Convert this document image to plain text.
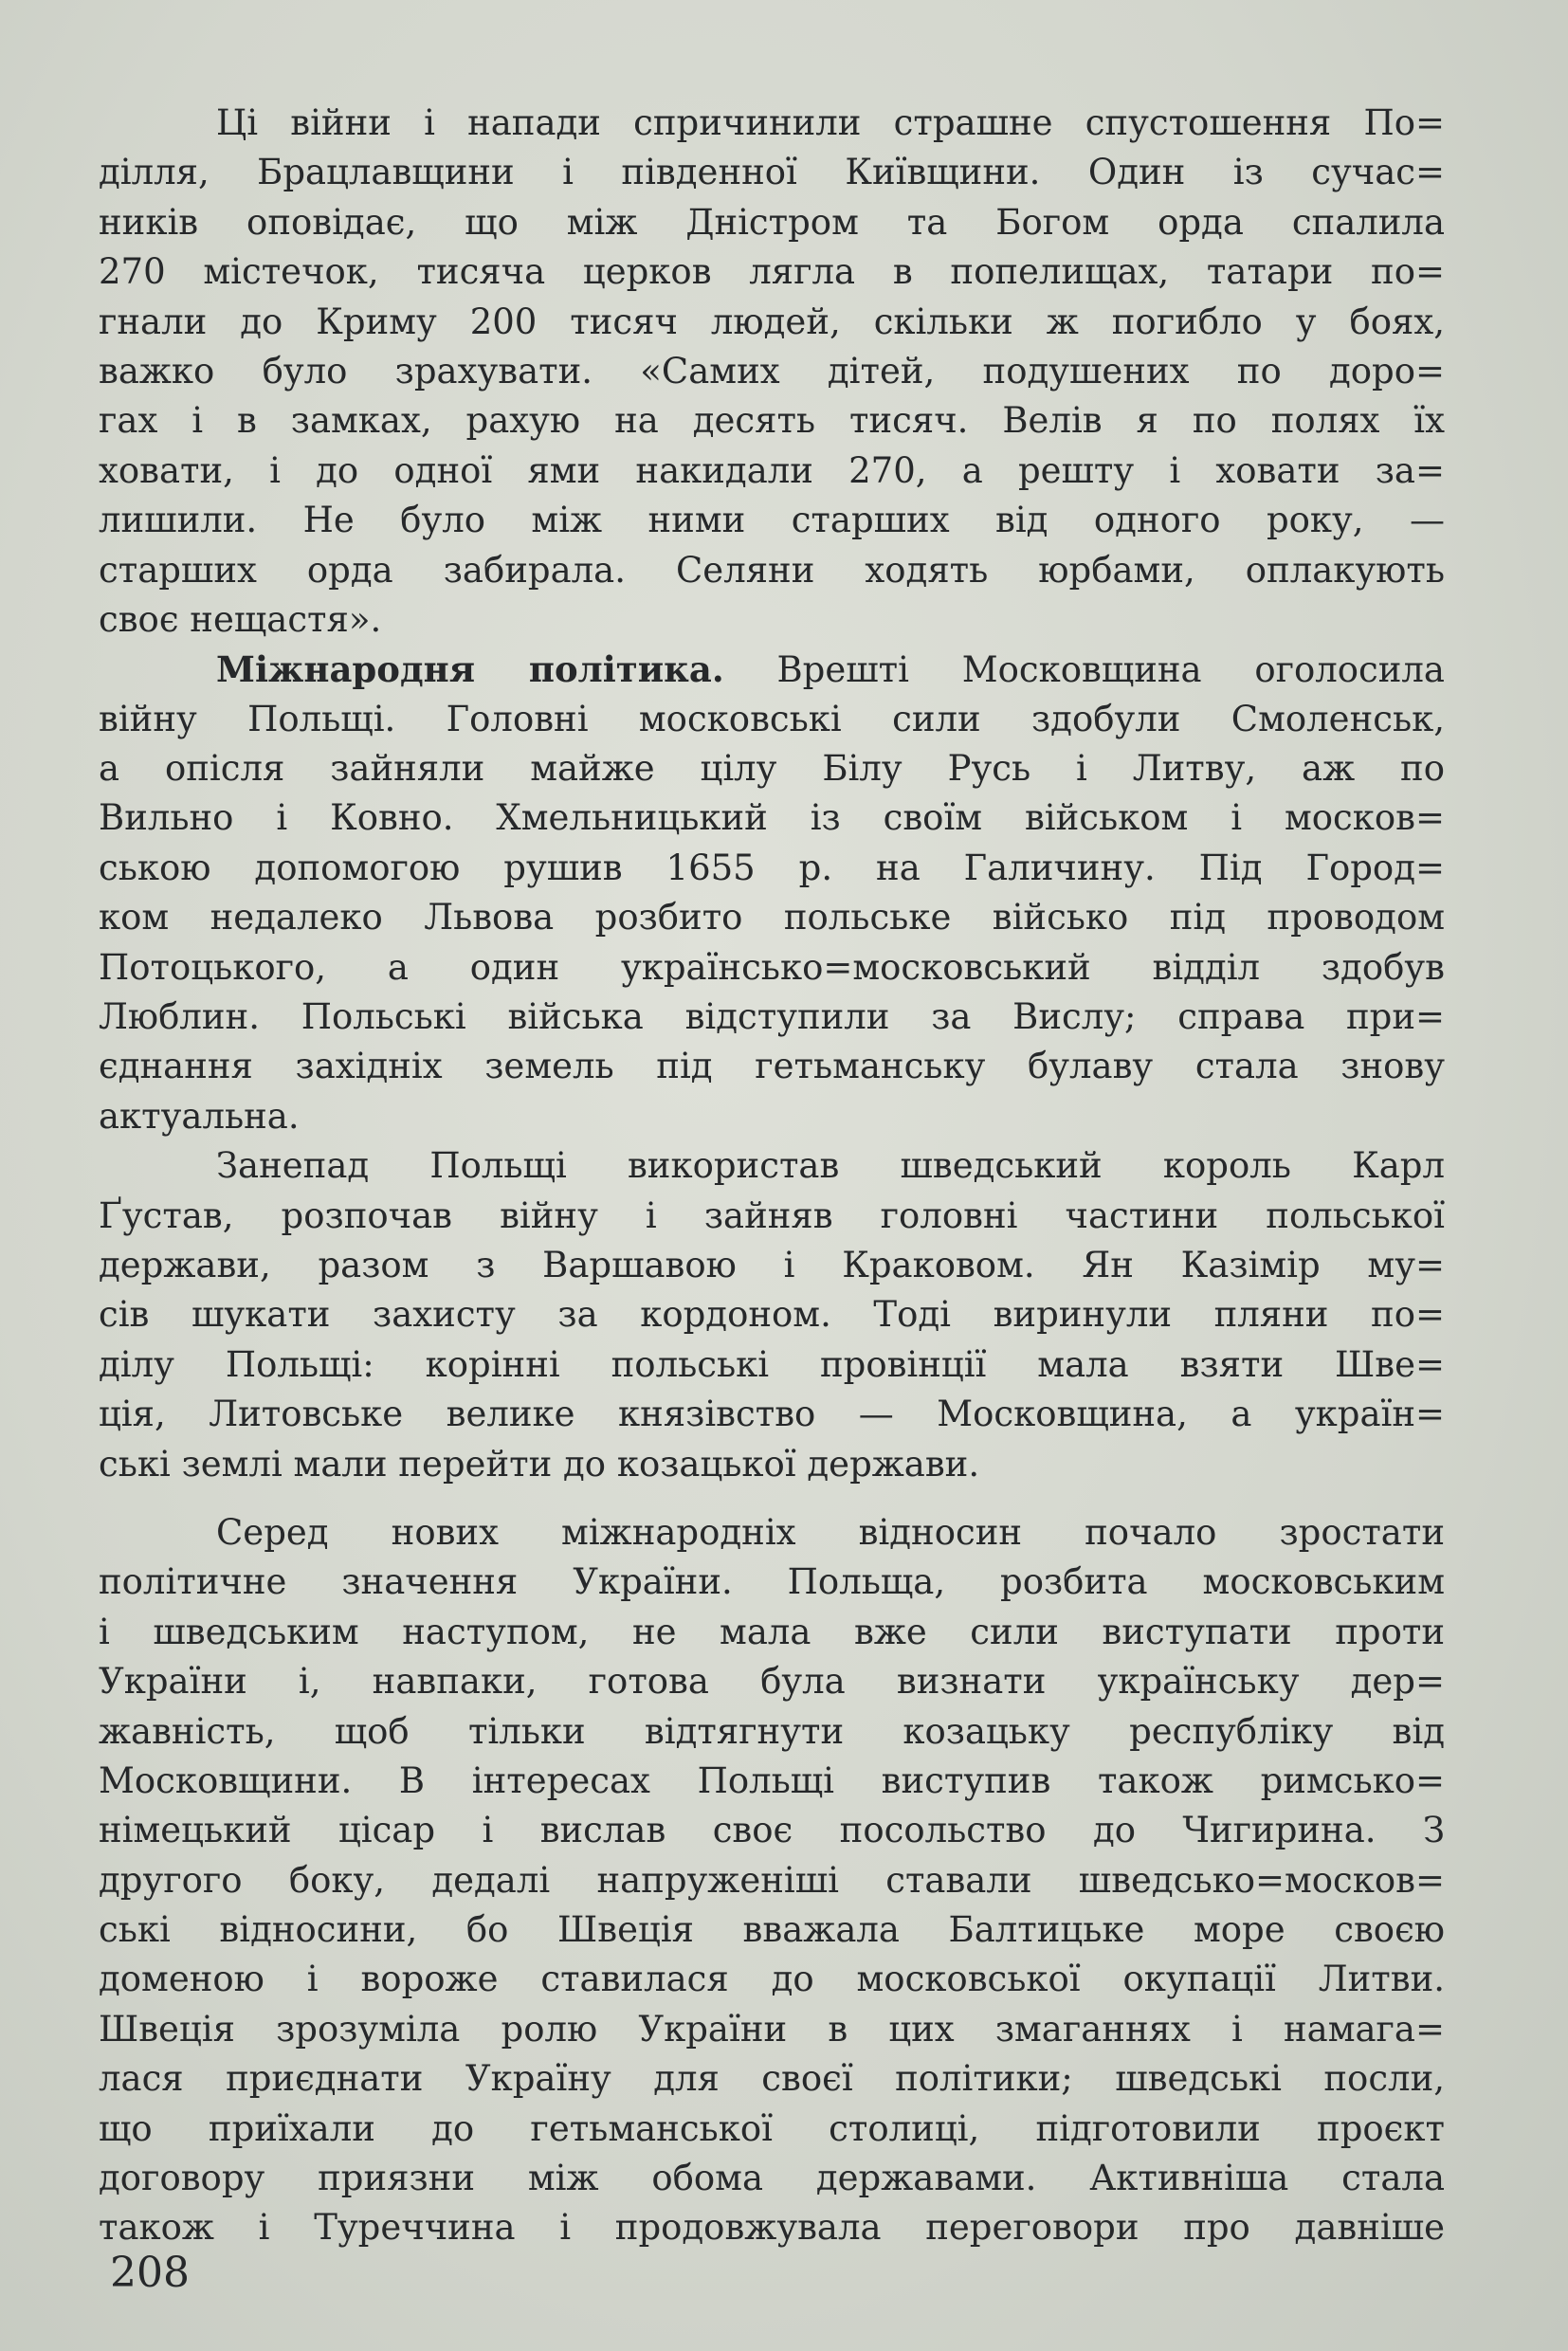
Ці війни і напади спричинили страшне спустошення По=
ділля, Брацлавщини і південної Київщини. Один із сучас=
ників оповідає, що між Дністром та Богом орда спалила
270 містечок, тисяча церков лягла в попелищах, татари по=
гнали до Криму 200 тисяч людей, скільки ж погибло у боях,
важко було зрахувати. «Самих дітей, подушених по доро=
гах і в замках, рахую на десять тисяч. Велів я по полях їх
ховати, і до одної ями накидали 270, а решту і ховати за=
лишили. Не було між ними старших від одного року, —
старших орда забирала. Селяни ходять юрбами, оплакують
своє нещастя».
Міжнародня політика. Врешті Московщина оголосила
війну Польщі. Головні московські сили здобули Смоленськ,
а опісля зайняли майже цілу Білу Русь і Литву, аж по
Вильно і Ковно. Хмельницький із своїм військом і москов=
ською допомогою рушив 1655 р. на Галичину. Під Город=
ком недалеко Львова розбито польське військо під проводом
Потоцького, а один українсько=московський відділ здобув
Люблин. Польські війська відступили за Вислу; справа при=
єднання західніх земель під гетьманську булаву стала знову
актуальна.
Занепад Польщі використав шведський король Карл
Ґустав, розпочав війну і зайняв головні частини польської
держави, разом з Варшавою і Краковом. Ян Казімір му=
сів шукати захисту за кордоном. Тоді виринули пляни по=
ділу Польщі: корінні польські провінції мала взяти Шве=
ція, Литовське велике князівство — Московщина, а україн=
ські землі мали перейти до козацької держави.
Серед нових міжнародніх відносин почало зростати
політичне значення України. Польща, розбита московським
і шведським наступом, не мала вже сили виступати проти
України і, навпаки, готова була визнати українську дер=
жавність, щоб тільки відтягнути козацьку республіку від
Московщини. В інтересах Польщі виступив також римсько=
німецький цісар і вислав своє посольство до Чигирина. З
другого боку, дедалі напруженіші ставали шведсько=москов=
ські відносини, бо Швеція вважала Балтицьке море своєю
доменою і вороже ставилася до московської окупації Литви.
Швеція зрозуміла ролю України в цих змаганнях і намага=
лася приєднати Україну для своєї політики; шведські посли,
що приїхали до гетьманської столиці, підготовили проєкт
договору приязни між обома державами. Активніша стала
також і Туреччина і продовжувала переговори про давніше
208
